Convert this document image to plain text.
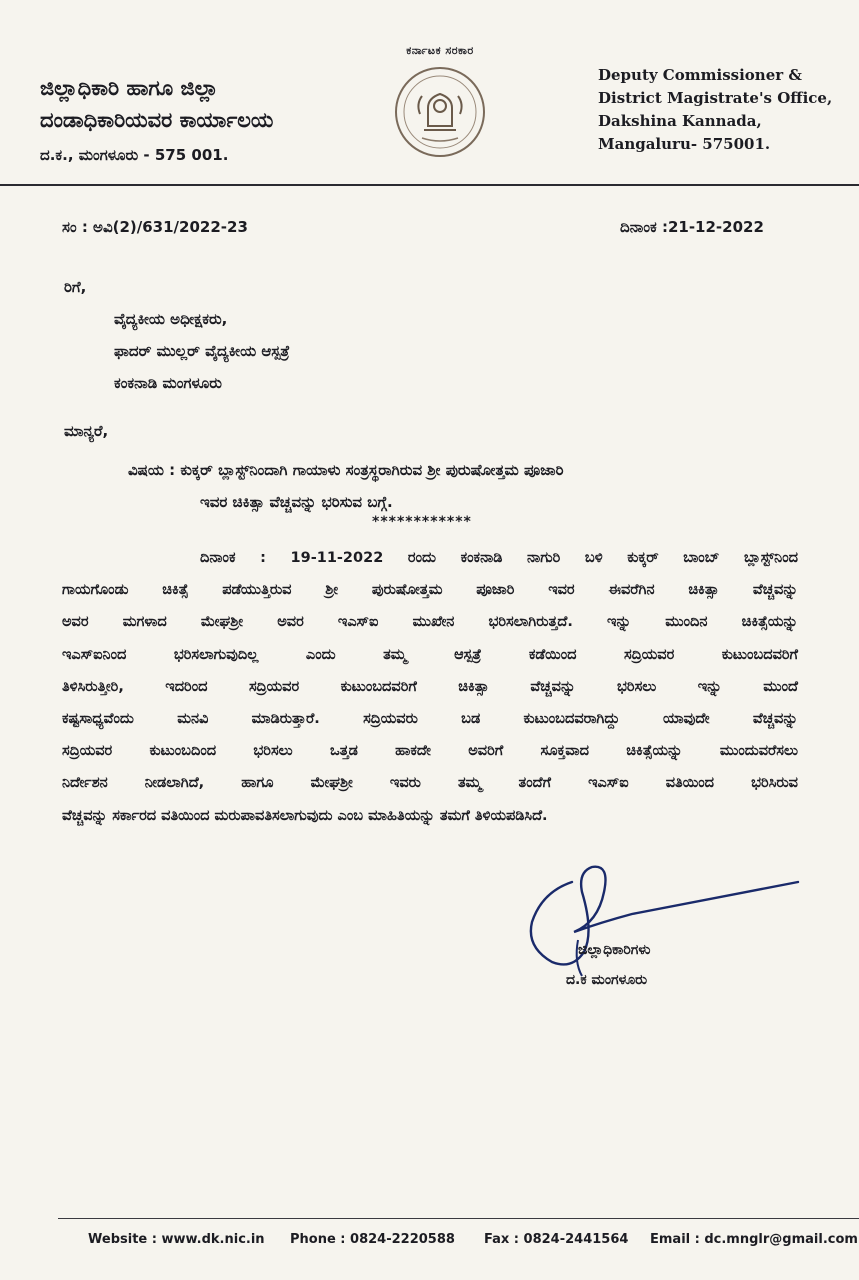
ಜಿಲ್ಲಾಧಿಕಾರಿ ಹಾಗೂ ಜಿಲ್ಲಾ
ದಂಡಾಧಿಕಾರಿಯವರ ಕಾರ್ಯಾಲಯ
ದ.ಕ., ಮಂಗಳೂರು - 575 001.
ಕರ್ನಾಟಕ ಸರಕಾರ
Deputy Commissioner &
District Magistrate's Office,
Dakshina Kannada,
Mangaluru- 575001.
ಸಂ : ಅವಿ(2)/631/2022-23	ದಿನಾಂಕ :21-12-2022
ರಿಗೆ,
ವೈದ್ಯಕೀಯ ಅಧೀಕ್ಷಕರು,
ಫಾದರ್ ಮುಲ್ಲರ್ ವೈದ್ಯಕೀಯ ಆಸ್ಪತ್ರೆ
ಕಂಕನಾಡಿ ಮಂಗಳೂರು
ಮಾನ್ಯರೆ,
ವಿಷಯ : ಕುಕ್ಕರ್ ಬ್ಲಾಸ್ಟ್‌ನಿಂದಾಗಿ ಗಾಯಾಳು ಸಂತ್ರಸ್ಥರಾಗಿರುವ ಶ್ರೀ ಪುರುಷೋತ್ತಮ ಪೂಜಾರಿ
ಇವರ ಚಿಕಿತ್ಸಾ ವೆಚ್ಚವನ್ನು ಭರಿಸುವ ಬಗ್ಗೆ.
************

ದಿನಾಂಕ : 19-11-2022 ರಂದು ಕಂಕನಾಡಿ ನಾಗುರಿ ಬಳಿ ಕುಕ್ಕರ್ ಬಾಂಬ್ ಬ್ಲಾಸ್ಟ್‌ನಿಂದ

ಗಾಯಗೊಂಡು ಚಿಕಿತ್ಸೆ ಪಡೆಯುತ್ತಿರುವ ಶ್ರೀ ಪುರುಷೋತ್ತಮ ಪೂಜಾರಿ ಇವರ ಈವರೆಗಿನ ಚಿಕಿತ್ಸಾ ವೆಚ್ಚವನ್ನು

ಅವರ ಮಗಳಾದ ಮೇಘಶ್ರೀ ಅವರ ಇಎಸ್‌ಐ ಮುಖೇನ ಭರಿಸಲಾಗಿರುತ್ತದೆ. ಇನ್ನು ಮುಂದಿನ ಚಿಕಿತ್ಸೆಯನ್ನು

ಇಎಸ್‌ಐನಿಂದ ಭರಿಸಲಾಗುವುದಿಲ್ಲ ಎಂದು ತಮ್ಮ ಆಸ್ಪತ್ರೆ ಕಡೆಯಿಂದ ಸದ್ರಿಯವರ ಕುಟುಂಬದವರಿಗೆ

ತಿಳಿಸಿರುತ್ತೀರಿ, ಇದರಿಂದ ಸದ್ರಿಯವರ ಕುಟುಂಬದವರಿಗೆ ಚಿಕಿತ್ಸಾ ವೆಚ್ಚವನ್ನು ಭರಿಸಲು ಇನ್ನು ಮುಂದೆ

ಕಷ್ಟಸಾಧ್ಯವೆಂದು ಮನವಿ ಮಾಡಿರುತ್ತಾರೆ. ಸದ್ರಿಯವರು ಬಡ ಕುಟುಂಬದವರಾಗಿದ್ದು ಯಾವುದೇ ವೆಚ್ಚವನ್ನು

ಸದ್ರಿಯವರ ಕುಟುಂಬದಿಂದ ಭರಿಸಲು ಒತ್ತಡ ಹಾಕದೇ ಅವರಿಗೆ ಸೂಕ್ತವಾದ ಚಿಕಿತ್ಸೆಯನ್ನು ಮುಂದುವರೆಸಲು

ನಿರ್ದೇಶನ ನೀಡಲಾಗಿದೆ, ಹಾಗೂ ಮೇಘಶ್ರೀ ಇವರು ತಮ್ಮ ತಂದೆಗೆ ಇಎಸ್‌ಐ ವತಿಯಿಂದ ಭರಿಸಿರುವ

ವೆಚ್ಚವನ್ನು ಸರ್ಕಾರದ ವತಿಯಿಂದ ಮರುಪಾವತಿಸಲಾಗುವುದು ಎಂಬ ಮಾಹಿತಿಯನ್ನು ತಮಗೆ ತಿಳಿಯಪಡಿಸಿದೆ.

ಜಿಲ್ಲಾಧಿಕಾರಿಗಳು
ದ.ಕ ಮಂಗಳೂರು
Website : www.dk.nic.in Phone : 0824-2220588 Fax : 0824-2441564 Email : dc.mnglr@gmail.com
